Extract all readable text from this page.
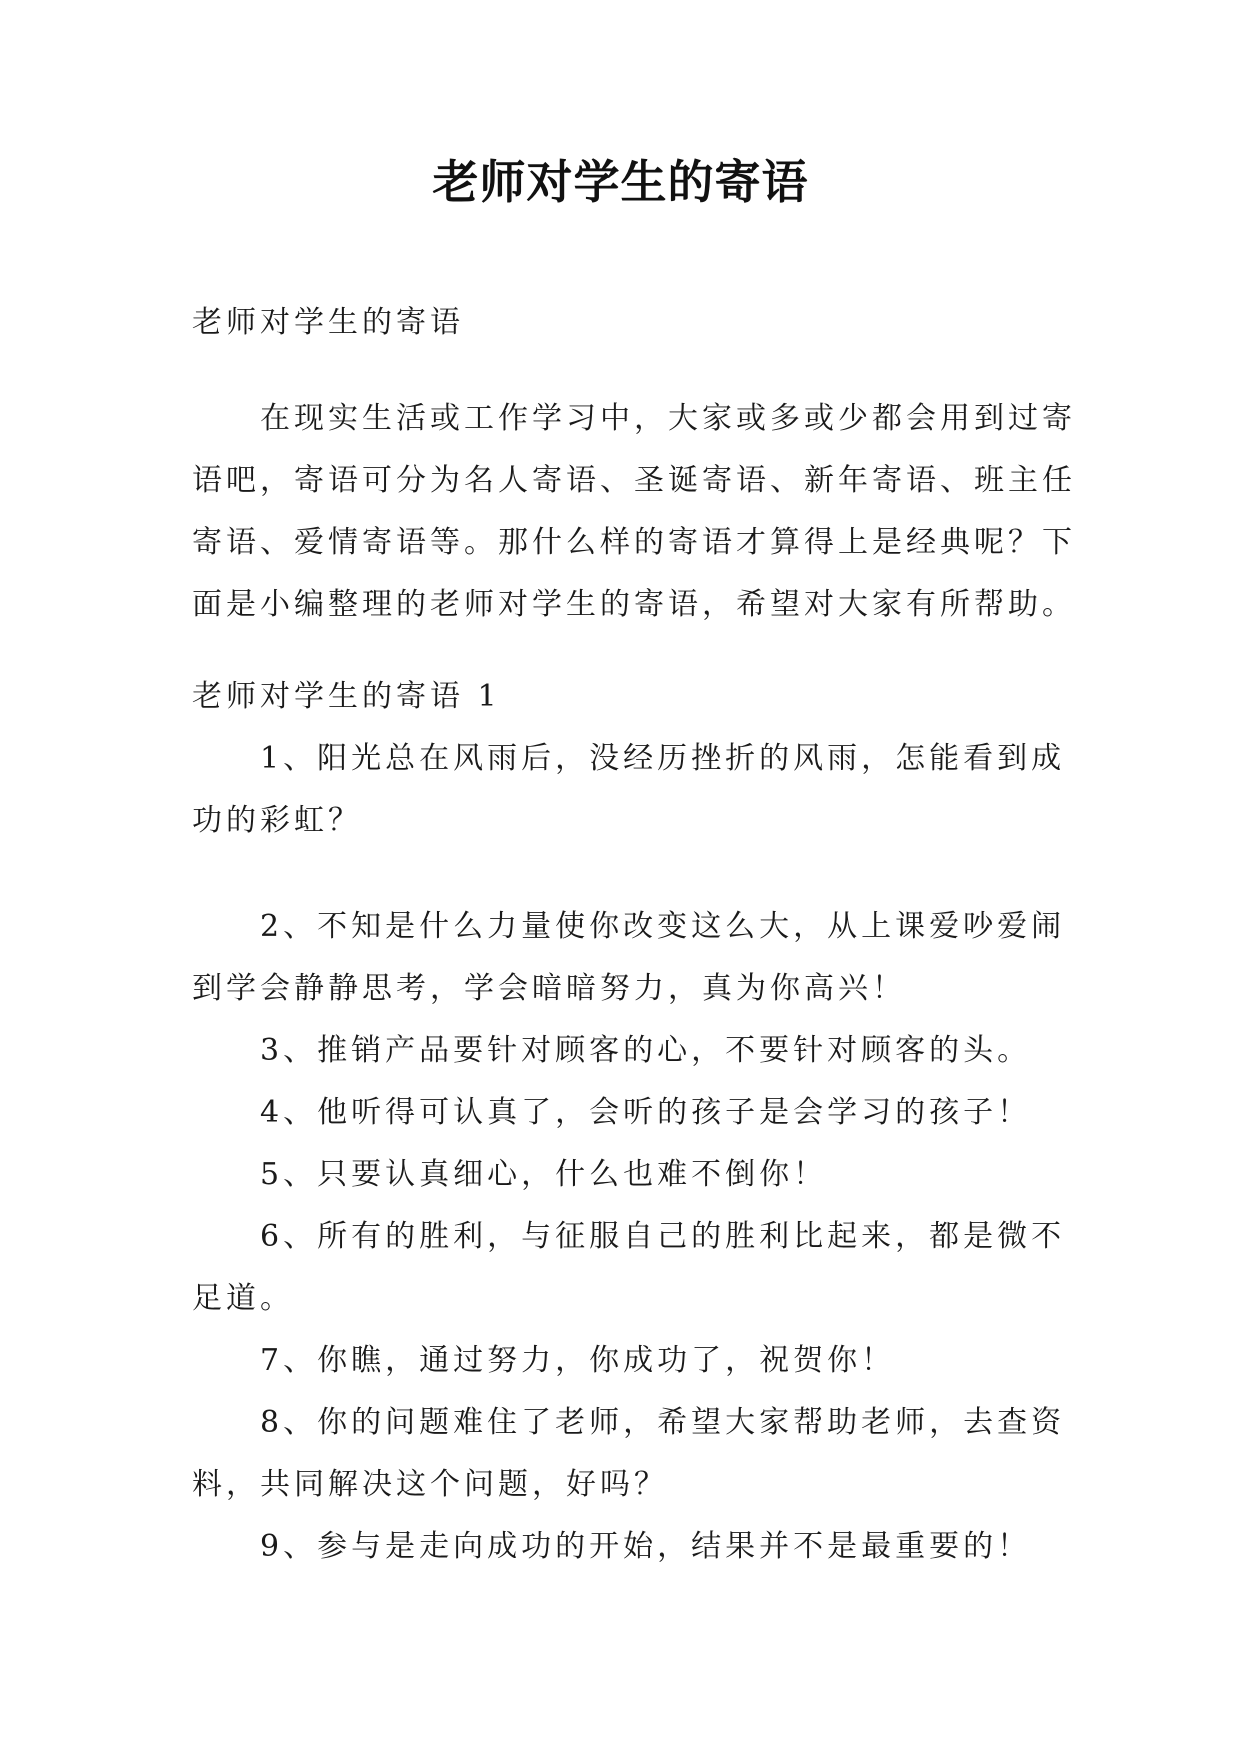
老师对学生的寄语
老师对学生的寄语
在现实生活或工作学习中，大家或多或少都会用到过寄
语吧，寄语可分为名人寄语、圣诞寄语、新年寄语、班主任
寄语、爱情寄语等。那什么样的寄语才算得上是经典呢？下
面是小编整理的老师对学生的寄语，希望对大家有所帮助。
老师对学生的寄语 1
1、阳光总在风雨后，没经历挫折的风雨，怎能看到成
功的彩虹？
2、不知是什么力量使你改变这么大，从上课爱吵爱闹
到学会静静思考，学会暗暗努力，真为你高兴！
3、推销产品要针对顾客的心，不要针对顾客的头。
4、他听得可认真了，会听的孩子是会学习的孩子！
5、只要认真细心，什么也难不倒你！
6、所有的胜利，与征服自己的胜利比起来，都是微不
足道。
7、你瞧，通过努力，你成功了，祝贺你！
8、你的问题难住了老师，希望大家帮助老师，去查资
料，共同解决这个问题，好吗？
9、参与是走向成功的开始，结果并不是最重要的！
